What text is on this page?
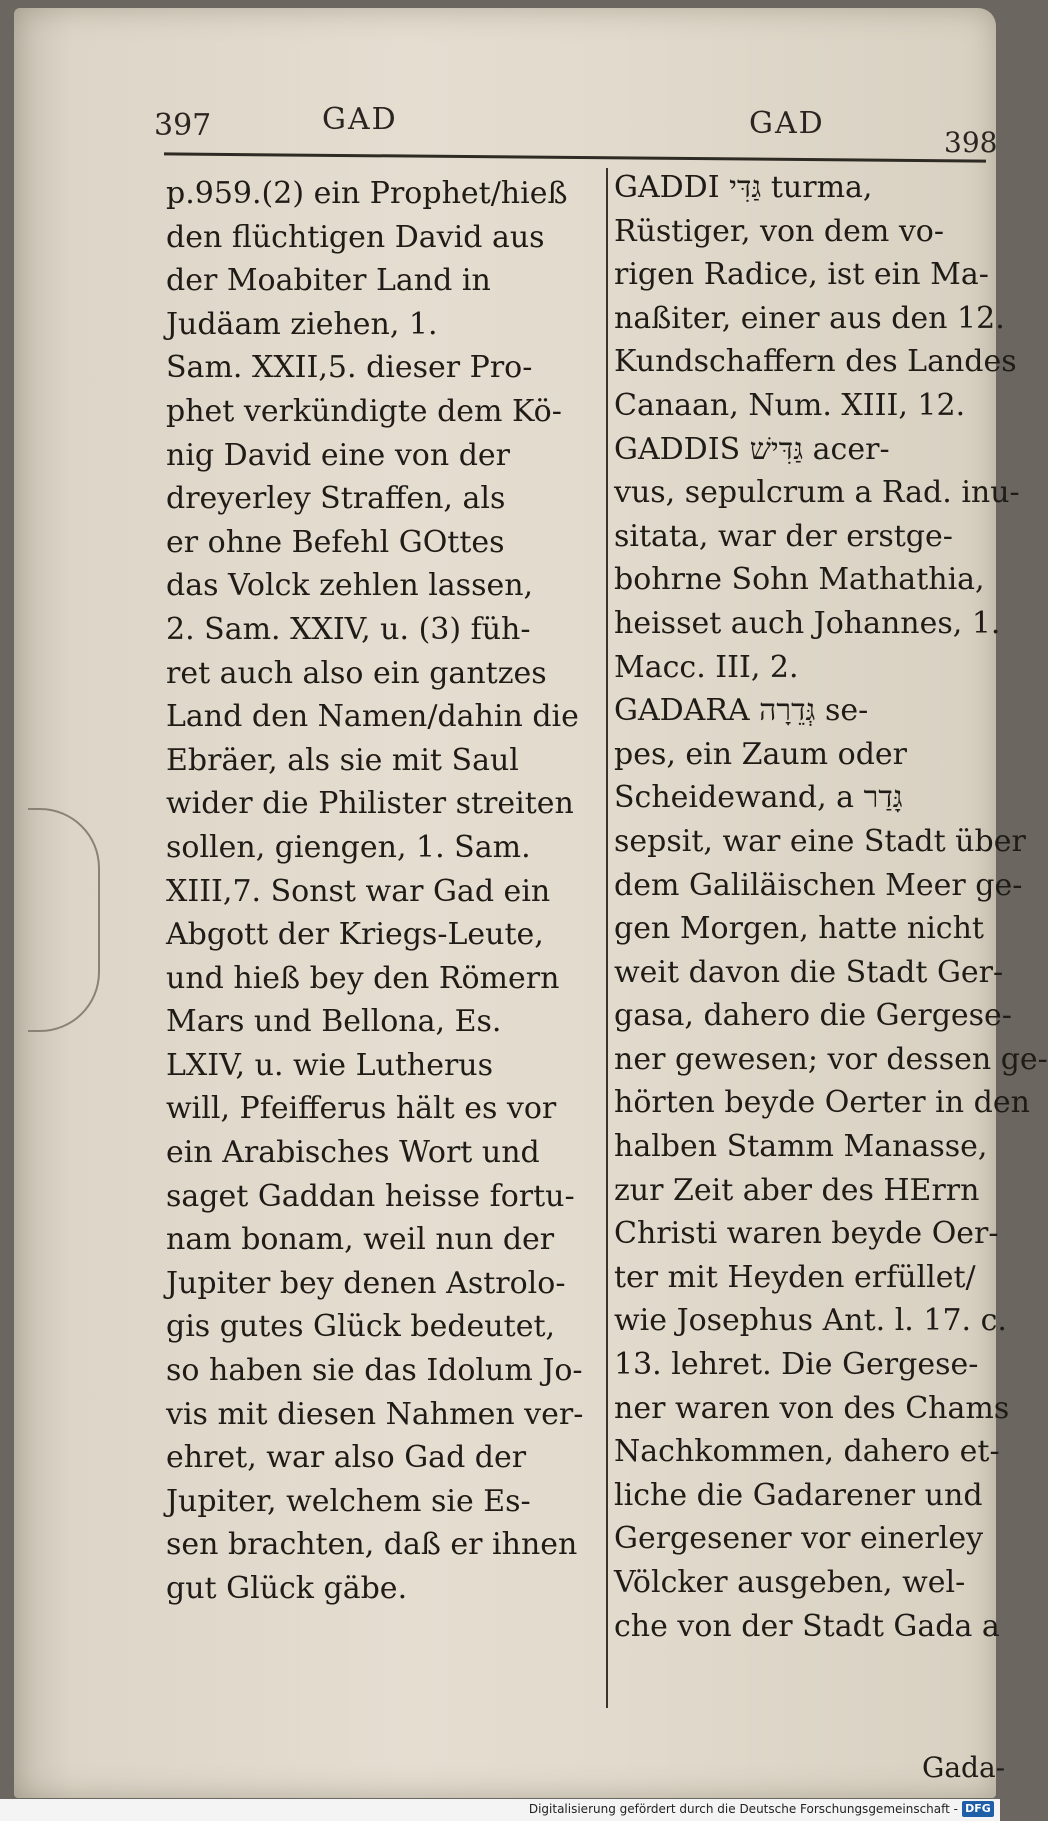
397	GAD	GAD
398
p.959.(2) ein Prophet/hieß
den flüchtigen David aus
der Moabiter Land in
Judäam ziehen, 1.
Sam. XXII,5. dieser Pro-
phet verkündigte dem Kö-
nig David eine von der
dreyerley Straffen, als
er ohne Befehl GOttes
das Volck zehlen lassen,
2. Sam. XXIV, u. (3) füh-
ret auch also ein gantzes
Land den Namen/dahin die
Ebräer, als sie mit Saul
wider die Philister streiten
sollen, giengen, 1. Sam.
XIII,7. Sonst war Gad ein
Abgott der Kriegs-Leute,
und hieß bey den Römern
Mars und Bellona, Es.
LXIV, u. wie Lutherus
will, Pfeifferus hält es vor
ein Arabisches Wort und
saget Gaddan heisse fortu-
nam bonam, weil nun der
Jupiter bey denen Astrolo-
gis gutes Glück bedeutet,
so haben sie das Idolum Jo-
vis mit diesen Nahmen ver-
ehret, war also Gad der
Jupiter, welchem sie Es-
sen brachten, daß er ihnen
gut Glück gäbe.
GADDI גַּדִּי turma,
Rüstiger, von dem vo-
rigen Radice, ist ein Ma-
naßiter, einer aus den 12.
Kundschaffern des Landes
Canaan, Num. XIII, 12.
GADDIS גַּדִּישׁ acer-
vus, sepulcrum a Rad. inu-
sitata, war der erstge-
bohrne Sohn Mathathia,
heisset auch Johannes, 1.
Macc. III, 2.
GADARA גְּדֵרָה se-
pes, ein Zaum oder
Scheidewand, a גָּדַר
sepsit, war eine Stadt über
dem Galiläischen Meer ge-
gen Morgen, hatte nicht
weit davon die Stadt Ger-
gasa, dahero die Gergese-
ner gewesen; vor dessen ge-
hörten beyde Oerter in den
halben Stamm Manasse,
zur Zeit aber des HErrn
Christi waren beyde Oer-
ter mit Heyden erfüllet/
wie Josephus Ant. l. 17. c.
13. lehret. Die Gergese-
ner waren von des Chams
Nachkommen, dahero et-
liche die Gadarener und
Gergesener vor einerley
Völcker ausgeben, wel-
che von der Stadt Gada a
Gada-
Digitalisierung gefördert durch die Deutsche Forschungsgemeinschaft - DFG
